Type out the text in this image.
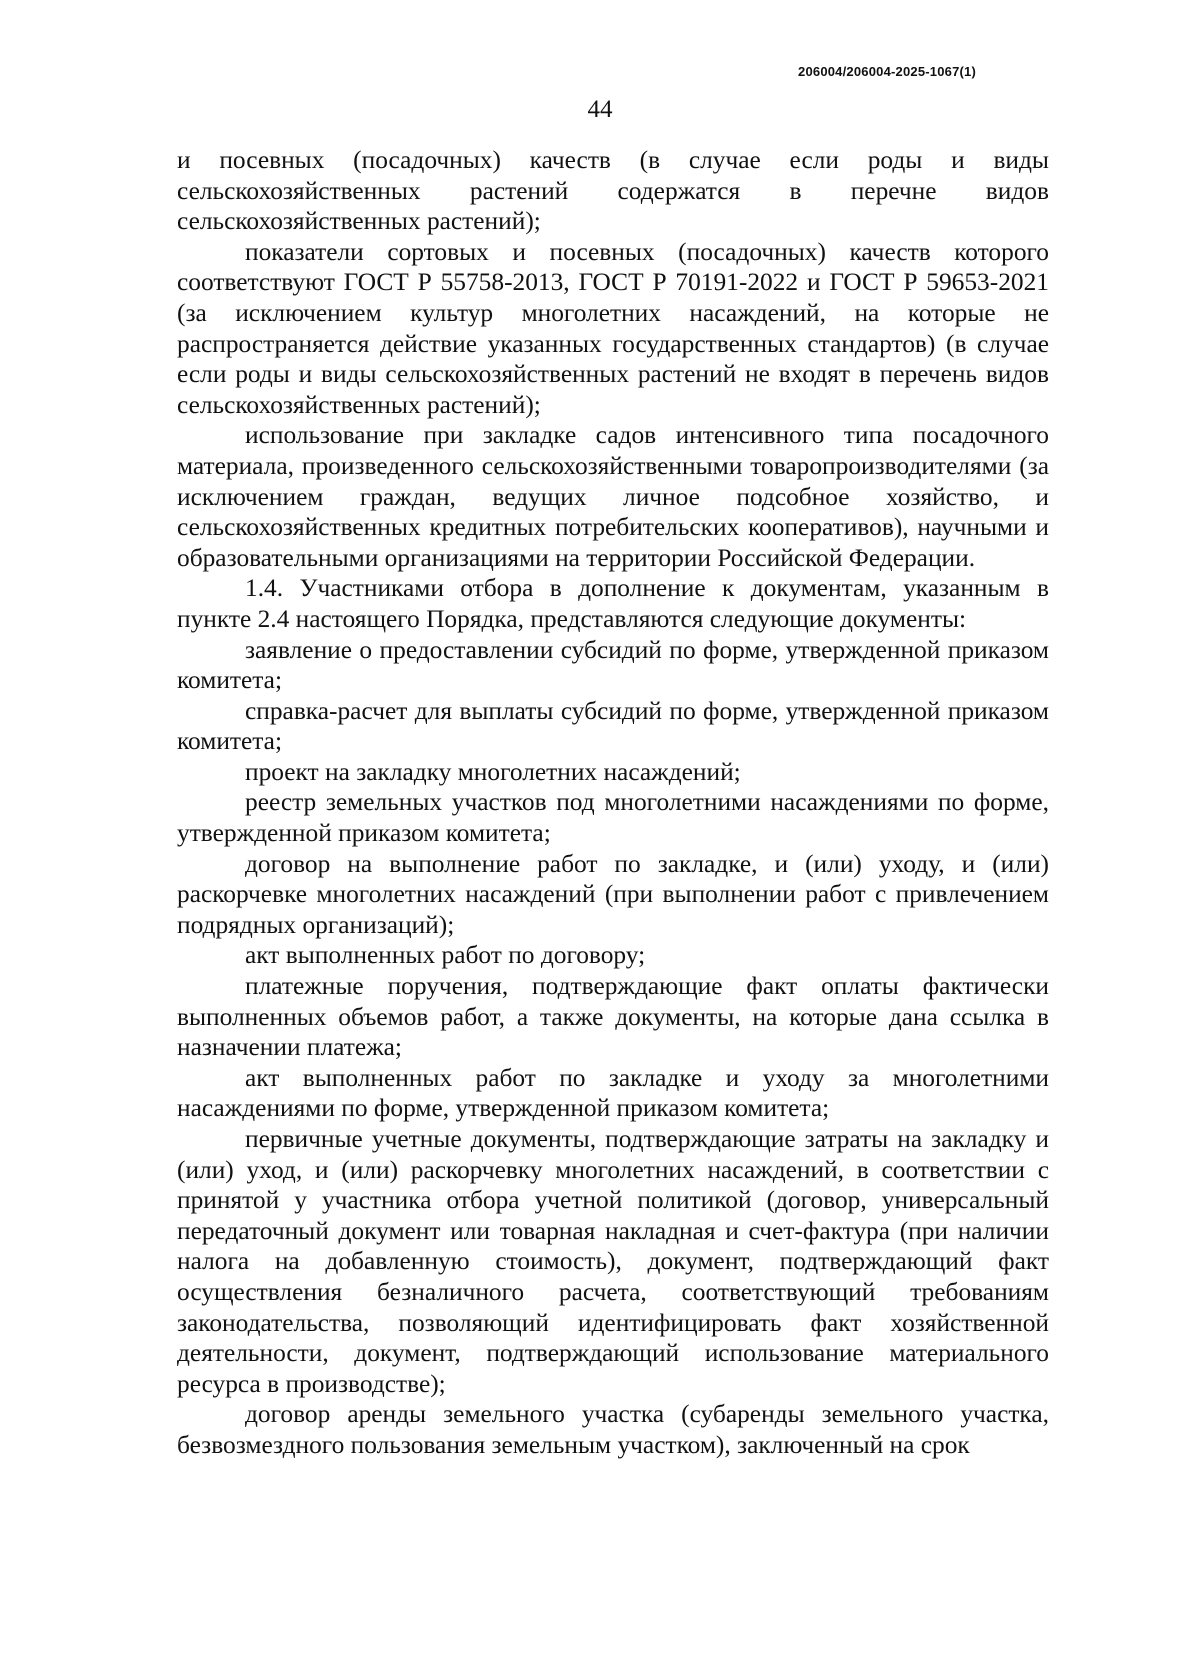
206004/206004-2025-1067(1)
44

и посевных (посадочных) качеств (в случае если роды и виды сельскохозяйственных растений содержатся в перечне видов сельскохозяйственных растений);

показатели сортовых и посевных (посадочных) качеств которого соответствуют ГОСТ Р 55758-2013, ГОСТ Р 70191-2022 и ГОСТ Р 59653-2021 (за исключением культур многолетних насаждений, на которые не распространяется действие указанных государственных стандартов) (в случае если роды и виды сельскохозяйственных растений не входят в перечень видов сельскохозяйственных растений);

использование при закладке садов интенсивного типа посадочного материала, произведенного сельскохозяйственными товаропроизводителями (за исключением граждан, ведущих личное подсобное хозяйство, и сельскохозяйственных кредитных потребительских кооперативов), научными и образовательными организациями на территории Российской Федерации.

1.4. Участниками отбора в дополнение к документам, указанным в пункте 2.4 настоящего Порядка, представляются следующие документы:

заявление о предоставлении субсидий по форме, утвержденной приказом комитета;

справка-расчет для выплаты субсидий по форме, утвержденной приказом комитета;

проект на закладку многолетних насаждений;

реестр земельных участков под многолетними насаждениями по форме, утвержденной приказом комитета;

договор на выполнение работ по закладке, и (или) уходу, и (или) раскорчевке многолетних насаждений (при выполнении работ с привлечением подрядных организаций);

акт выполненных работ по договору;

платежные поручения, подтверждающие факт оплаты фактически выполненных объемов работ, а также документы, на которые дана ссылка в назначении платежа;

акт выполненных работ по закладке и уходу за многолетними насаждениями по форме, утвержденной приказом комитета;

первичные учетные документы, подтверждающие затраты на закладку и (или) уход, и (или) раскорчевку многолетних насаждений, в соответствии с принятой у участника отбора учетной политикой (договор, универсальный передаточный документ или товарная накладная и счет-фактура (при наличии налога на добавленную стоимость), документ, подтверждающий факт осуществления безналичного расчета, соответствующий требованиям законодательства, позволяющий идентифицировать факт хозяйственной деятельности, документ, подтверждающий использование материального ресурса в производстве);

договор аренды земельного участка (субаренды земельного участка, безвозмездного пользования земельным участком), заключенный на срок
